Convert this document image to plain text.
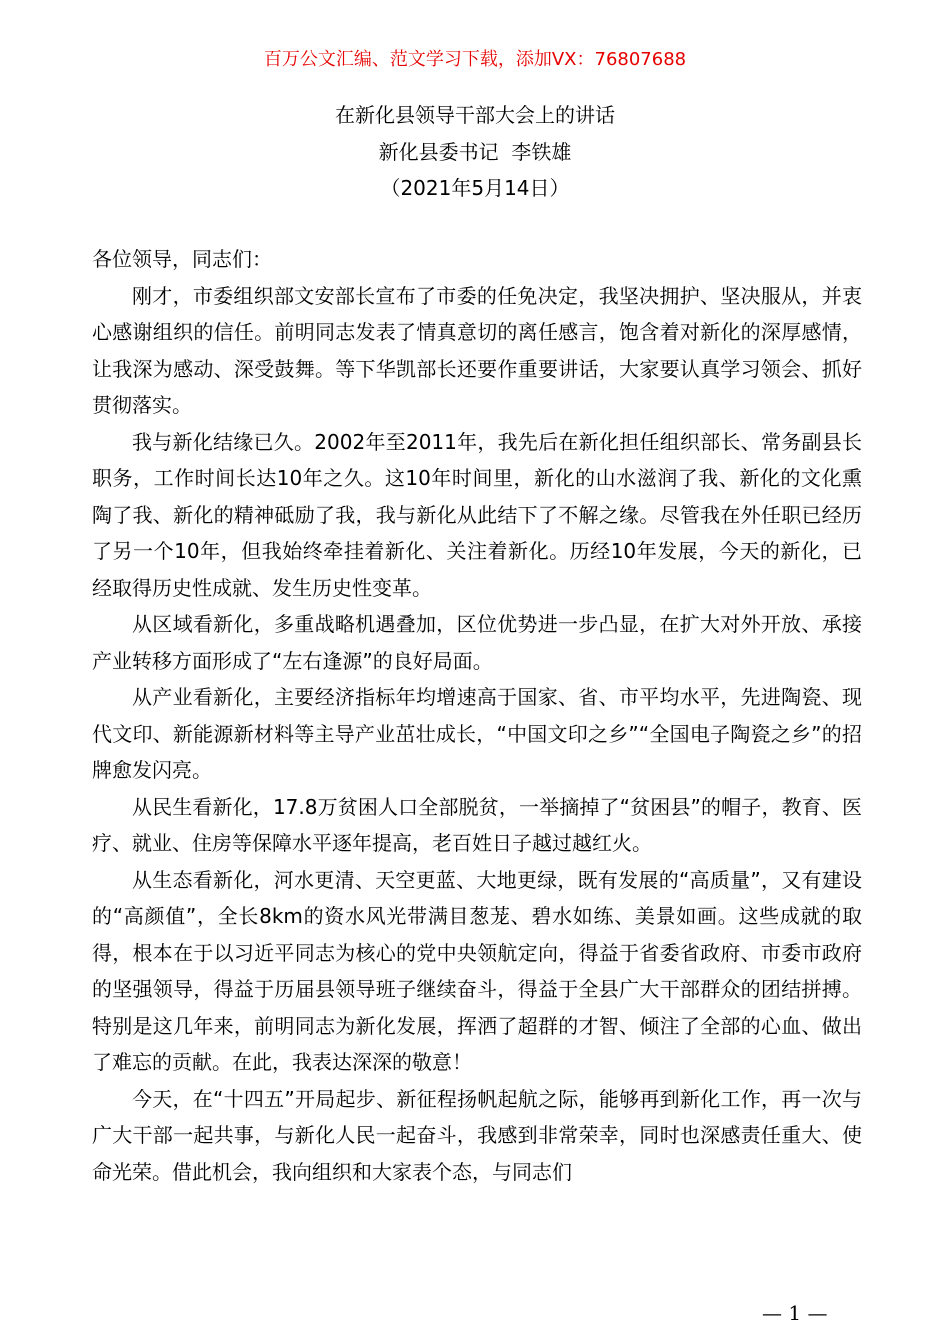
百万公文汇编、范文学习下载，添加VX：76807688
在新化县领导干部大会上的讲话
新化县委书记  李铁雄
（2021年5月14日）

各位领导，同志们：

刚才，市委组织部文安部长宣布了市委的任免决定，我坚决拥护、坚决服从，并衷心感谢组织的信任。前明同志发表了情真意切的离任感言，饱含着对新化的深厚感情，让我深为感动、深受鼓舞。等下华凯部长还要作重要讲话，大家要认真学习领会、抓好贯彻落实。

我与新化结缘已久。2002年至2011年，我先后在新化担任组织部长、常务副县长职务，工作时间长达10年之久。这10年时间里，新化的山水滋润了我、新化的文化熏陶了我、新化的精神砥励了我，我与新化从此结下了不解之缘。尽管我在外任职已经历了另一个10年，但我始终牵挂着新化、关注着新化。历经10年发展，今天的新化，已经取得历史性成就、发生历史性变革。

从区域看新化，多重战略机遇叠加，区位优势进一步凸显，在扩大对外开放、承接产业转移方面形成了“左右逢源”的良好局面。

从产业看新化，主要经济指标年均增速高于国家、省、市平均水平，先进陶瓷、现代文印、新能源新材料等主导产业茁壮成长，“中国文印之乡”“全国电子陶瓷之乡”的招牌愈发闪亮。

从民生看新化，17.8万贫困人口全部脱贫，一举摘掉了“贫困县”的帽子，教育、医疗、就业、住房等保障水平逐年提高，老百姓日子越过越红火。

从生态看新化，河水更清、天空更蓝、大地更绿，既有发展的“高质量”，又有建设的“高颜值”，全长8km的资水风光带满目葱茏、碧水如练、美景如画。这些成就的取得，根本在于以习近平同志为核心的党中央领航定向，得益于省委省政府、市委市政府的坚强领导，得益于历届县领导班子继续奋斗，得益于全县广大干部群众的团结拼搏。特别是这几年来，前明同志为新化发展，挥洒了超群的才智、倾注了全部的心血、做出了难忘的贡献。在此，我表达深深的敬意！

今天，在“十四五”开局起步、新征程扬帆起航之际，能够再到新化工作，再一次与广大干部一起共事，与新化人民一起奋斗，我感到非常荣幸，同时也深感责任重大、使命光荣。借此机会，我向组织和大家表个态，与同志们

— 1 —
